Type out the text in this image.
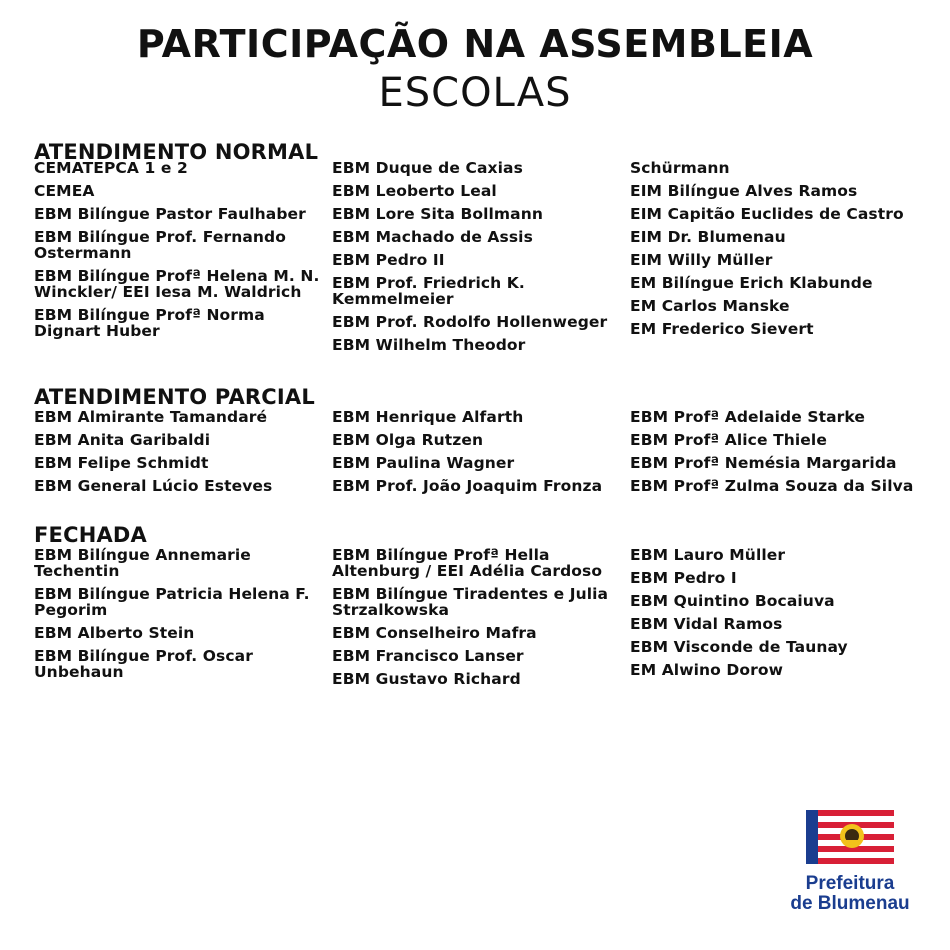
PARTICIPAÇÃO NA ASSEMBLEIA
ESCOLAS
ATENDIMENTO NORMAL
CEMATEPCA 1 e 2
CEMEA
EBM Bilíngue Pastor Faulhaber
EBM Bilíngue Prof. Fernando Ostermann
EBM Bilíngue Profª Helena M. N. Winckler/ EEI Iesa M. Waldrich
EBM Bilíngue Profª Norma Dignart Huber
EBM Duque de Caxias
EBM Leoberto Leal
EBM Lore Sita Bollmann
EBM Machado de Assis
EBM Pedro II
EBM Prof. Friedrich K. Kemmelmeier
EBM Prof. Rodolfo Hollenweger
EBM Wilhelm Theodor
Schürmann
EIM Bilíngue Alves Ramos
EIM Capitão Euclides de Castro
EIM Dr. Blumenau
EIM Willy Müller
EM Bilíngue Erich Klabunde
EM Carlos Manske
EM Frederico Sievert
ATENDIMENTO PARCIAL
EBM Almirante Tamandaré
EBM Anita Garibaldi
EBM Felipe Schmidt
EBM General Lúcio Esteves
EBM Henrique Alfarth
EBM Olga Rutzen
EBM Paulina Wagner
EBM Prof. João Joaquim Fronza
EBM Profª Adelaide Starke
EBM Profª Alice Thiele
EBM Profª Nemésia Margarida
EBM Profª Zulma Souza da Silva
FECHADA
EBM Bilíngue Annemarie Techentin
EBM Bilíngue Patricia Helena F. Pegorim
EBM Alberto Stein
EBM Bilíngue Prof. Oscar Unbehaun
EBM Bilíngue Profª Hella Altenburg / EEI Adélia Cardoso
EBM Bilíngue Tiradentes e Julia Strzalkowska
EBM Conselheiro Mafra
EBM Francisco Lanser
EBM Gustavo Richard
EBM Lauro Müller
EBM Pedro I
EBM Quintino Bocaiuva
EBM Vidal Ramos
EBM Visconde de Taunay
EM Alwino Dorow
Prefeitura
de Blumenau
